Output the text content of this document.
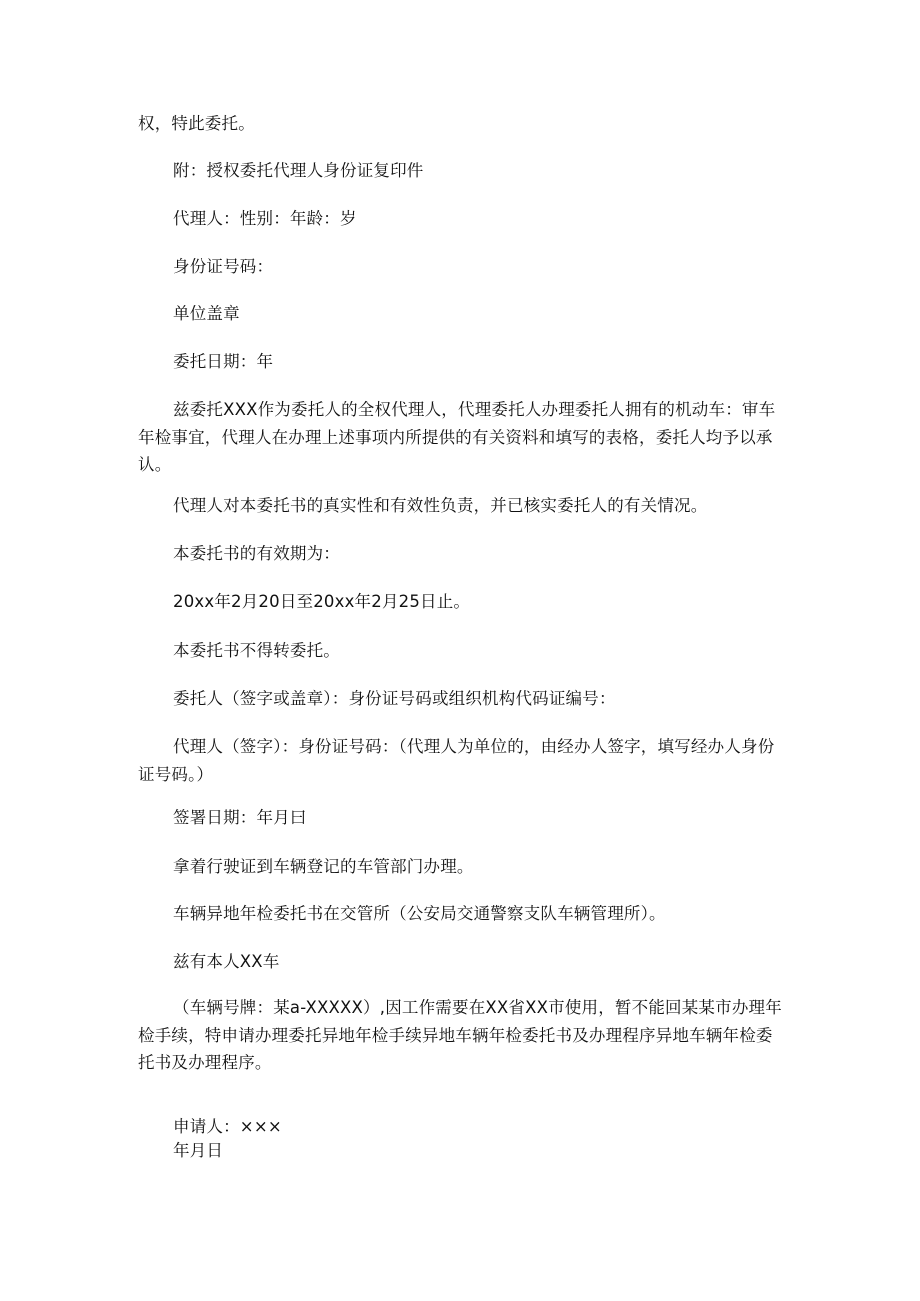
权，特此委托。

附：授权委托代理人身份证复印件

代理人：性别：年龄：岁

身份证号码：

单位盖章

委托日期：年

兹委托XXX作为委托人的全权代理人，代理委托人办理委托人拥有的机动车：审车年检事宜，代理人在办理上述事项内所提供的有关资料和填写的表格，委托人均予以承认。

代理人对本委托书的真实性和有效性负责，并已核实委托人的有关情况。

本委托书的有效期为：

20xx年2月20日至20xx年2月25日止。

本委托书不得转委托。

委托人（签字或盖章）：身份证号码或组织机构代码证编号：

代理人（签字）：身份证号码：（代理人为单位的，由经办人签字，填写经办人身份证号码。）

签署日期：年月曰

拿着行驶证到车辆登记的车管部门办理。

车辆异地年检委托书在交管所（公安局交通警察支队车辆管理所）。

兹有本人XX车

（车辆号牌：某a-XXXXX）,因工作需要在XX省XX市使用，暂不能回某某市办理年检手续，特申请办理委托异地年检手续异地车辆年检委托书及办理程序异地车辆年检委托书及办理程序。

申请人：×××

年月日
